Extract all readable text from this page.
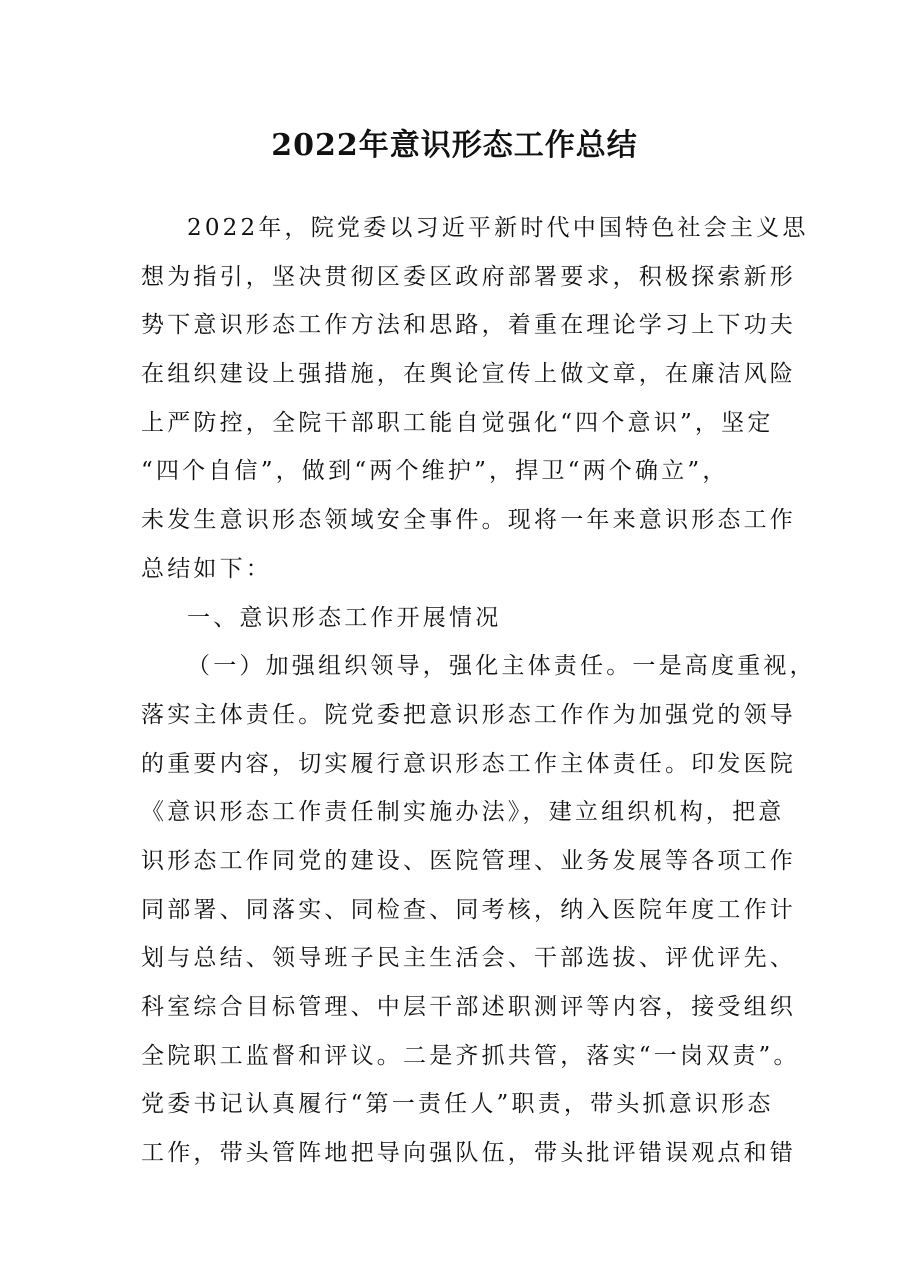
2022年意识形态工作总结
2022年，院党委以习近平新时代中国特色社会主义思
想为指引，坚决贯彻区委区政府部署要求，积极探索新形
势下意识形态工作方法和思路，着重在理论学习上下功夫
在组织建设上强措施，在舆论宣传上做文章，在廉洁风险
上严防控，全院干部职工能自觉强化“四个意识”，坚定
“四个自信”，做到“两个维护”，捍卫“两个确立”，
未发生意识形态领域安全事件。现将一年来意识形态工作
总结如下：
一、意识形态工作开展情况
（一）加强组织领导，强化主体责任。一是高度重视，
落实主体责任。院党委把意识形态工作作为加强党的领导
的重要内容，切实履行意识形态工作主体责任。印发医院
《意识形态工作责任制实施办法》，建立组织机构，把意
识形态工作同党的建设、医院管理、业务发展等各项工作
同部署、同落实、同检查、同考核，纳入医院年度工作计
划与总结、领导班子民主生活会、干部选拔、评优评先、
科室综合目标管理、中层干部述职测评等内容，接受组织
全院职工监督和评议。二是齐抓共管，落实“一岗双责”。
党委书记认真履行“第一责任人”职责，带头抓意识形态
工作，带头管阵地把导向强队伍，带头批评错误观点和错
